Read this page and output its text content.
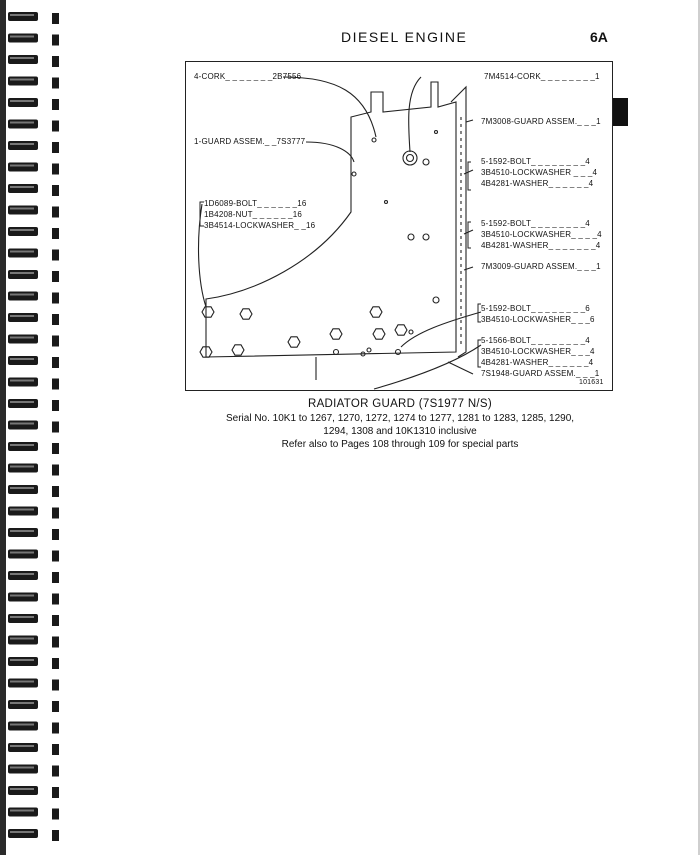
DIESEL ENGINE	6A
4-CORK_ _ _ _ _ _ _2B7556
1-GUARD ASSEM._ _7S3777
1D6089-BOLT_ _ _ _ _ _16
1B4208-NUT_ _ _ _ _ _16
3B4514-LOCKWASHER_ _16
7M4514-CORK_ _ _ _ _ _ _ _1
7M3008-GUARD ASSEM._ _ _1
5-1592-BOLT_ _ _ _ _ _ _ _4
3B4510-LOCKWASHER _ _ _4
4B4281-WASHER_ _ _ _ _ _4
5-1592-BOLT_ _ _ _ _ _ _ _4
3B4510-LOCKWASHER_ _ _ _4
4B4281-WASHER_ _ _ _ _ _ _4
7M3009-GUARD ASSEM._ _ _1
5-1592-BOLT_ _ _ _ _ _ _ _6
3B4510-LOCKWASHER_ _ _6
5-1566-BOLT_ _ _ _ _ _ _ _4
3B4510-LOCKWASHER_ _ _4
4B4281-WASHER_ _ _ _ _ _4
7S1948-GUARD ASSEM._ _ _1
101631
RADIATOR GUARD (7S1977 N/S)
Serial No. 10K1 to 1267, 1270, 1272, 1274 to 1277, 1281 to 1283, 1285, 1290,
1294, 1308 and 10K1310 inclusive
Refer also to Pages 108 through 109 for special parts
